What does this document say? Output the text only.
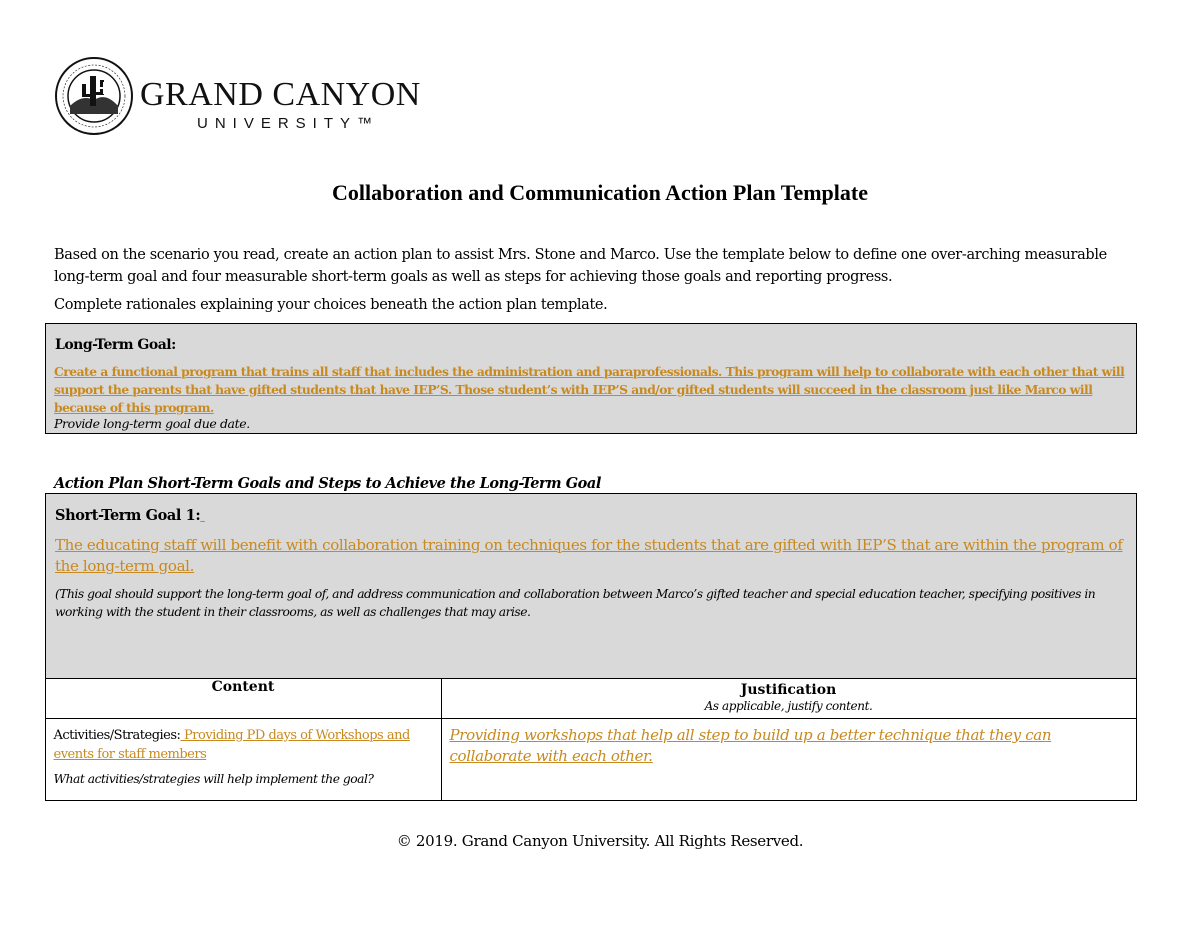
GRAND CANYON
UNIVERSITY™
Collaboration and Communication Action Plan Template

Based on the scenario you read, create an action plan to assist Mrs. Stone and Marco. Use the template below to define one over-arching measurable long-term goal and four measurable short-term goals as well as steps for achieving those goals and reporting progress.

Complete rationales explaining your choices beneath the action plan template.

Long-Term Goal:
Create a functional program that trains all staff that includes the administration and paraprofessionals. This program will help to collaborate with each other that will support the parents that have gifted students that have IEP’S. Those student’s with IEP’S and/or gifted students will succeed in the classroom just like Marco will because of this program.
Provide long-term goal due date.
Action Plan Short-Term Goals and Steps to Achieve the Long-Term Goal
Short-Term Goal 1:
The educating staff will benefit with collaboration training on techniques for the students that are gifted with IEP’S that are within the program of the long-term goal.
(This goal should support the long-term goal of, and address communication and collaboration between Marco’s gifted teacher and special education teacher, specifying positives in working with the student in their classrooms, as well as challenges that may arise.
Content	Justification
As applicable, justify content.

Activities/Strategies: Providing PD days of Workshops and events for staff members
What activities/strategies will help implement the goal?	Providing workshops that help all step to build up a better technique that they can collaborate with each other.
© 2019. Grand Canyon University. All Rights Reserved.
